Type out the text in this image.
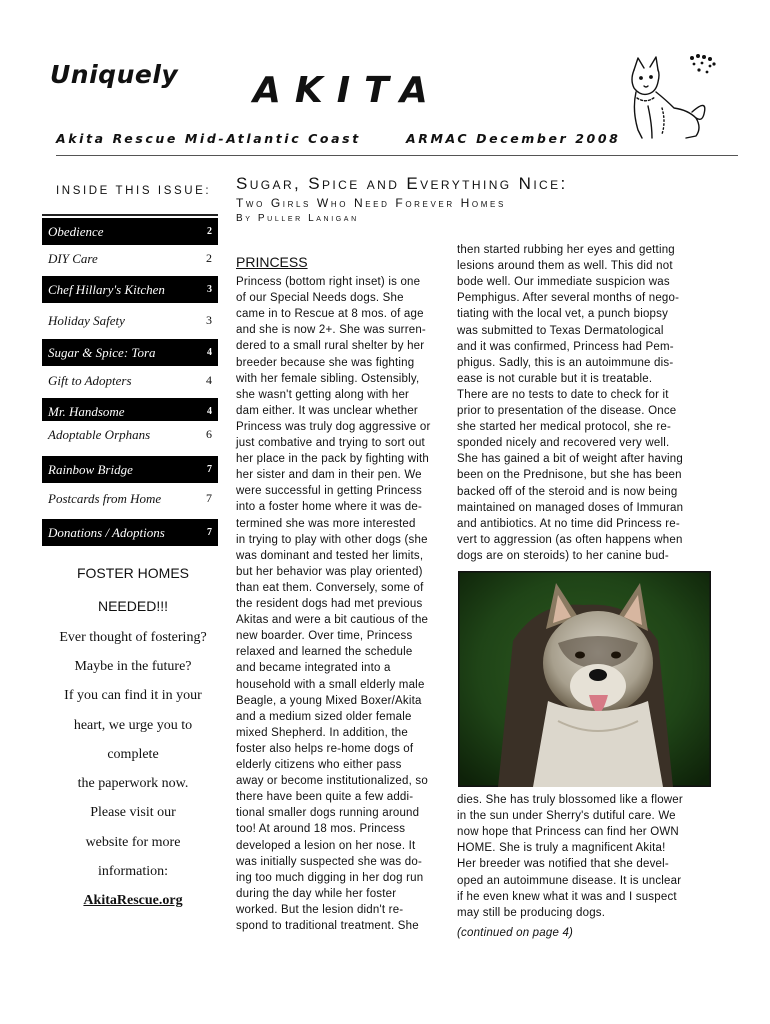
Uniquely AKITA
Akita Rescue Mid-Atlantic Coast	ARMAC December 2008
INSIDE THIS ISSUE:
Obedience	2
DIY Care	2
Chef Hillary's Kitchen	3
Holiday Safety	3
Sugar & Spice: Tora	4
Gift to Adopters	4
Mr. Handsome	4
Adoptable Orphans	6
Rainbow Bridge	7
Postcards from Home	7
Donations / Adoptions	7
FOSTER HOMES
NEEDED!!!
Ever thought of fostering?
Maybe in the future?
If you can find it in your
heart, we urge you to
complete
the paperwork now.
Please visit our
website for more
information:
AkitaRescue.org
Sugar, Spice and Everything Nice:
Two Girls Who Need Forever Homes
By Puller Lanigan
PRINCESS
Princess (bottom right inset) is one
of our Special Needs dogs. She
came in to Rescue at 8 mos. of age
and she is now 2+. She was surren-
dered to a small rural shelter by her
breeder because she was fighting
with her female sibling. Ostensibly,
she wasn't getting along with her
dam either. It was unclear whether
Princess was truly dog aggressive or
just combative and trying to sort out
her place in the pack by fighting with
her sister and dam in their pen. We
were successful in getting Princess
into a foster home where it was de-
termined she was more interested
in trying to play with other dogs (she
was dominant and tested her limits,
but her behavior was play oriented)
than eat them. Conversely, some of
the resident dogs had met previous
Akitas and were a bit cautious of the
new boarder. Over time, Princess
relaxed and learned the schedule
and became integrated into a
household with a small elderly male
Beagle, a young Mixed Boxer/Akita
and a medium sized older female
mixed Shepherd. In addition, the
foster also helps re-home dogs of
elderly citizens who either pass
away or become institutionalized, so
there have been quite a few addi-
tional smaller dogs running around
too! At around 18 mos. Princess
developed a lesion on her nose. It
was initially suspected she was do-
ing too much digging in her dog run
during the day while her foster
worked. But the lesion didn't re-
spond to traditional treatment. She
then started rubbing her eyes and getting
lesions around them as well. This did not
bode well. Our immediate suspicion was
Pemphigus. After several months of nego-
tiating with the local vet, a punch biopsy
was submitted to Texas Dermatological
and it was confirmed, Princess had Pem-
phigus. Sadly, this is an autoimmune dis-
ease is not curable but it is treatable.
There are no tests to date to check for it
prior to presentation of the disease. Once
she started her medical protocol, she re-
sponded nicely and recovered very well.
She has gained a bit of weight after having
been on the Prednisone, but she has been
backed off of the steroid and is now being
maintained on managed doses of Immuran
and antibiotics. At no time did Princess re-
vert to aggression (as often happens when
dogs are on steroids) to her canine bud-
dies. She has truly blossomed like a flower
in the sun under Sherry's dutiful care. We
now hope that Princess can find her OWN
HOME. She is truly a magnificent Akita!
Her breeder was notified that she devel-
oped an autoimmune disease. It is unclear
if he even knew what it was and I suspect
may still be producing dogs.
(continued on page 4)
